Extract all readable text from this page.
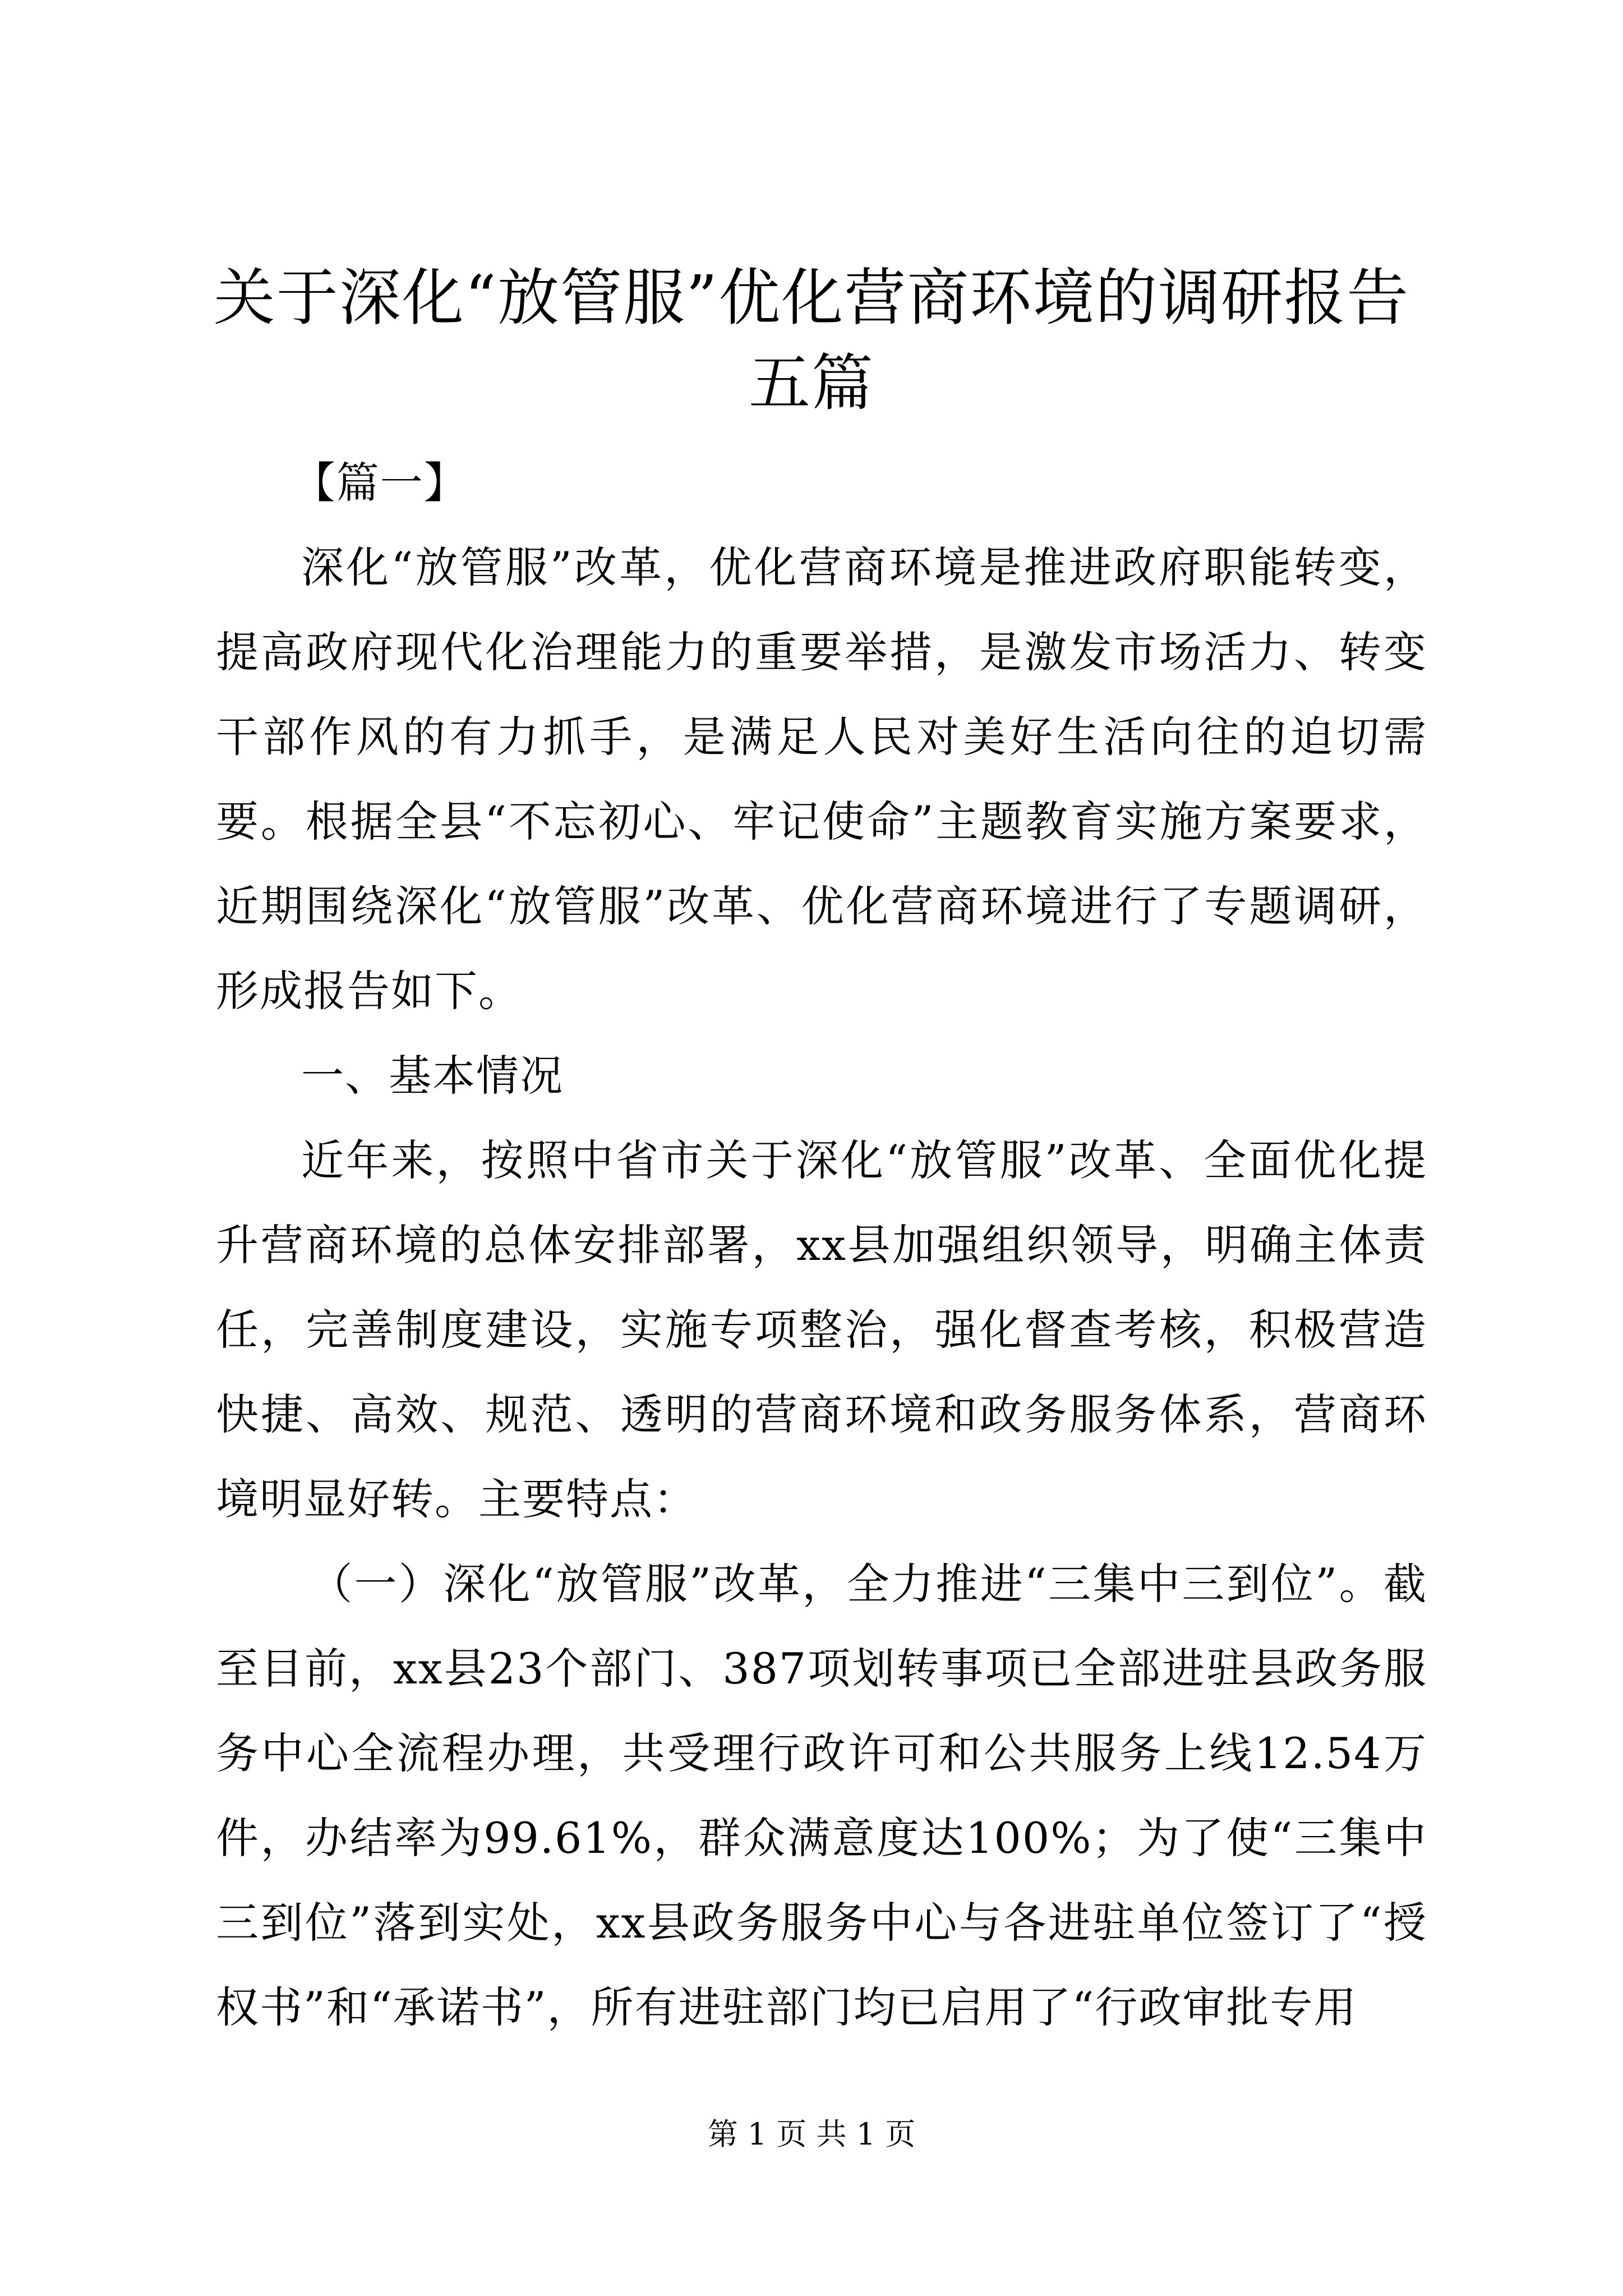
关于深化“放管服”优化营商环境的调研报告
五篇

【篇一】

深化“放管服”改革，优化营商环境是推进政府职能转变，提高政府现代化治理能力的重要举措，是激发市场活力、转变干部作风的有力抓手，是满足人民对美好生活向往的迫切需要。根据全县“不忘初心、牢记使命”主题教育实施方案要求，近期围绕深化“放管服”改革、优化营商环境进行了专题调研，形成报告如下。

一、基本情况

近年来，按照中省市关于深化“放管服”改革、全面优化提升营商环境的总体安排部署，xx县加强组织领导，明确主体责任，完善制度建设，实施专项整治，强化督查考核，积极营造快捷、高效、规范、透明的营商环境和政务服务体系，营商环境明显好转。主要特点：

（一）深化“放管服”改革，全力推进“三集中三到位”。截至目前，xx县23个部门、387项划转事项已全部进驻县政务服务中心全流程办理，共受理行政许可和公共服务上线12.54万件，办结率为99.61%，群众满意度达100%；为了使“三集中三到位”落到实处，xx县政务服务中心与各进驻单位签订了“授权书”和“承诺书”，所有进驻部门均已启用了“行政审批专用

第 1 页 共 1 页
